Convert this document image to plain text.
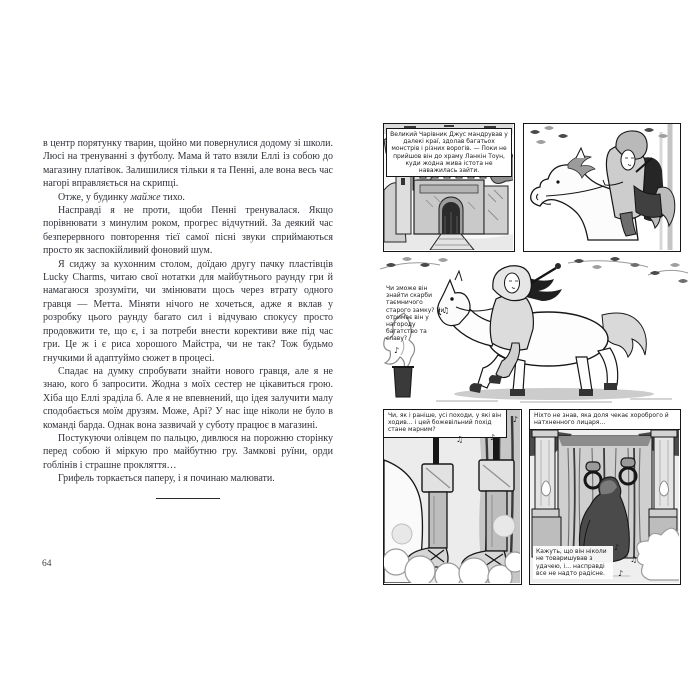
в центр порятунку тварин, щойно ми повернулися додому зі школи. Люсі на тренуванні з футболу. Мама й тато взяли Еллі із собою до магазину платівок. Залишилися тільки я та Пенні, але вона весь час нагорі вправляється на скрипці.

Отже, у будинку майже тихо.

Насправді я не проти, щоби Пенні тренувалася. Якщо порівнювати з минулим роком, прогрес відчутний. За деякий час безперервного повторення тієї самої пісні звуки сприймаються просто як заспокійливий фоновий шум.

Я сиджу за кухонним столом, доїдаю другу пачку пластівців Lucky Charms, читаю свої нотатки для майбутнього раунду гри й намагаюся зрозуміти, чи змінювати щось через втрату одного гравця — Метта. Міняти нічого не хочеться, адже я вклав у розробку цього раунду багато сил і відчуваю спокусу просто продовжити те, що є, і за потреби внести корективи вже під час гри. Це ж і є риса хорошого Майстра, чи не так? Тож будьмо гнучкими й адаптуймо сюжет в процесі.

Спадає на думку спробувати знайти нового гравця, але я не знаю, кого б запросити. Жодна з моїх сестер не цікавиться грою. Хіба що Еллі зраділа б. Але я не впевнений, що ідея залучити малу сподобається моїм друзям. Може, Арі? У нас іще ніколи не було в команді барда. Однак вона зазвичай у суботу працює в магазині.

Постукуючи олівцем по пальцю, дивлюся на порожню сторінку перед собою й міркую про майбутню гру. Замкові руїни, орди гоблінів і страшне прокляття…

Грифель торкається паперу, і я починаю малювати.

64
Великий Чарівник Джус мандрував у далекі краї, здолав багатьох монстрів і різних ворогів. — Поки не прийшов він до храму Ланкін Тоун, куди жодна жива істота не наважилась зайти.
Чи зможе він знайти скарби таємничого старого замку? Чи отримає він у нагороду багатство та славу?
♫
♪
Чи, як і раніше, усі походи, у які він ходив… і цей божевільний похід стане марним?
♪
♫	♪
Ніхто не знав, яка доля чекає хороброго й натхненного лицаря…
Кажуть, що він ніколи не товаришував з удачею, і… насправді все не надто радісне.
♪
♫
♪
